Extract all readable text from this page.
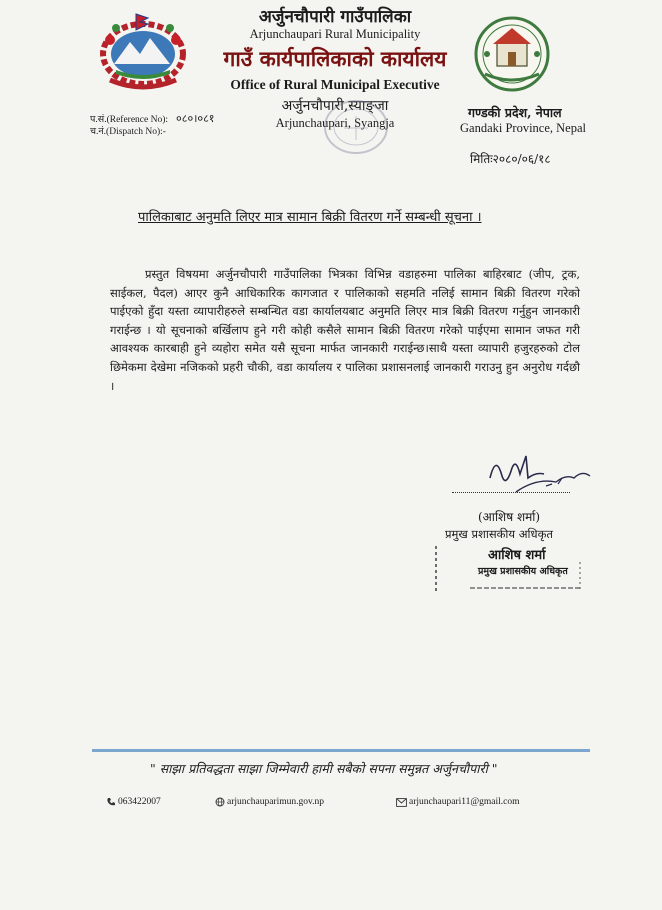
अर्जुनचौपारी गाउँपालिका
Arjunchaupari Rural Municipality
गाउँ कार्यपालिकाको कार्यालय
Office of Rural Municipal Executive
अर्जुनचौपारी,स्याङ्जा
Arjunchaupari, Syangja
गण्डकी प्रदेश, नेपाल
Gandaki Province, Nepal
प.सं.(Reference No): ०८०।०८१
च.नं.(Dispatch No):-
मितिः२०८०/०६/१८
पालिकाबाट अनुमति लिएर मात्र सामान बिक्री वितरण गर्ने सम्बन्धी सूचना ।
प्रस्तुत विषयमा अर्जुनचौपारी गाउँपालिका भित्रका विभिन्न वडाहरुमा पालिका बाहिरबाट (जीप, ट्रक, साईकल, पैदल) आएर कुनै आधिकारिक कागजात र पालिकाको सहमति नलिई सामान बिक्री वितरण गरेको पाईएको हुँदा यस्ता व्यापारीहरुले सम्बन्धित वडा कार्यालयबाट अनुमति लिएर मात्र बिक्री वितरण गर्नुहुन जानकारी गराईन्छ । यो सूचनाको बर्खिलाप हुने गरी कोही कसैले सामान बिक्री वितरण गरेको पाईएमा सामान जफत गरी आवश्यक कारबाही हुने व्यहोरा समेत यसै सूचना मार्फत जानकारी गराईन्छ।साथै यस्ता व्यापारी हजुरहरुको टोल छिमेकमा देखेमा नजिकको प्रहरी चौकी, वडा कार्यालय र पालिका प्रशासनलाई जानकारी गराउनु हुन अनुरोध गर्दछौ ।
(आशिष शर्मा)
प्रमुख प्रशासकीय अधिकृत
आशिष शर्मा
प्रमुख प्रशासकीय अधिकृत
" साझा प्रतिवद्धता साझा जिम्मेवारी हामी सबैको सपना समुन्नत अर्जुनचौपारी "
063422007	arjunchauparimun.gov.np	arjunchaupari11@gmail.com
